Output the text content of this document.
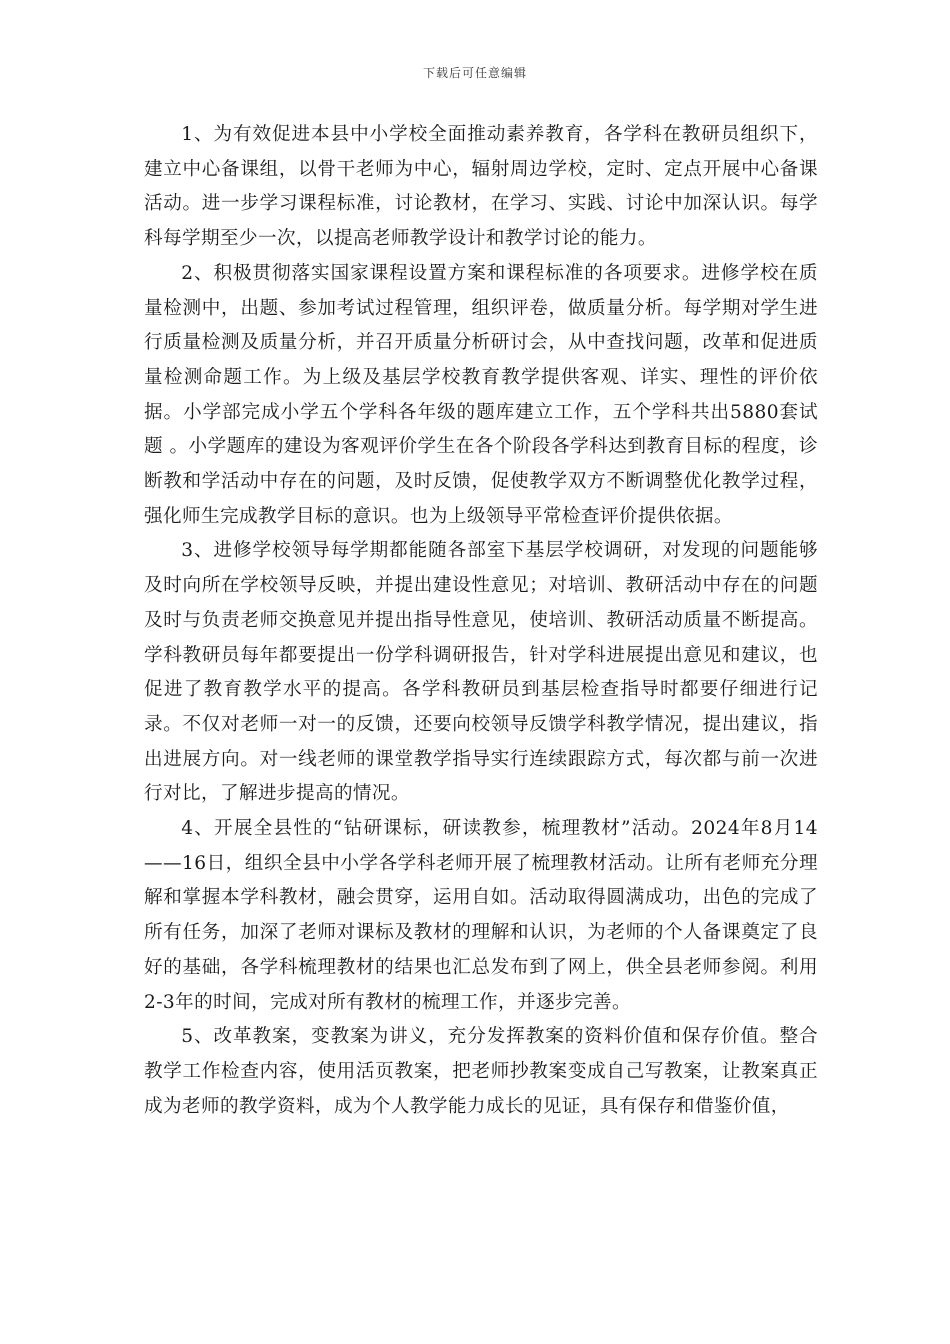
下载后可任意编辑

1、为有效促进本县中小学校全面推动素养教育，各学科在教研员组织下，建立中心备课组，以骨干老师为中心，辐射周边学校，定时、定点开展中心备课活动。进一步学习课程标准，讨论教材，在学习、实践、讨论中加深认识。每学科每学期至少一次，以提高老师教学设计和教学讨论的能力。

2、积极贯彻落实国家课程设置方案和课程标准的各项要求。进修学校在质量检测中，出题、参加考试过程管理，组织评卷，做质量分析。每学期对学生进行质量检测及质量分析，并召开质量分析研讨会，从中查找问题，改革和促进质量检测命题工作。为上级及基层学校教育教学提供客观、详实、理性的评价依据。小学部完成小学五个学科各年级的题库建立工作，五个学科共出5880套试题 。小学题库的建设为客观评价学生在各个阶段各学科达到教育目标的程度，诊断教和学活动中存在的问题，及时反馈，促使教学双方不断调整优化教学过程，强化师生完成教学目标的意识。也为上级领导平常检查评价提供依据。

3、进修学校领导每学期都能随各部室下基层学校调研，对发现的问题能够及时向所在学校领导反映，并提出建设性意见；对培训、教研活动中存在的问题及时与负责老师交换意见并提出指导性意见，使培训、教研活动质量不断提高。学科教研员每年都要提出一份学科调研报告，针对学科进展提出意见和建议，也促进了教育教学水平的提高。各学科教研员到基层检查指导时都要仔细进行记录。不仅对老师一对一的反馈，还要向校领导反馈学科教学情况，提出建议，指出进展方向。对一线老师的课堂教学指导实行连续跟踪方式，每次都与前一次进行对比，了解进步提高的情况。

4、开展全县性的“钻研课标，研读教参，梳理教材”活动。2024年8月14——16日，组织全县中小学各学科老师开展了梳理教材活动。让所有老师充分理解和掌握本学科教材，融会贯穿，运用自如。活动取得圆满成功，出色的完成了所有任务，加深了老师对课标及教材的理解和认识，为老师的个人备课奠定了良好的基础，各学科梳理教材的结果也汇总发布到了网上，供全县老师参阅。利用2-3年的时间，完成对所有教材的梳理工作，并逐步完善。

5、改革教案，变教案为讲义，充分发挥教案的资料价值和保存价值。整合教学工作检查内容，使用活页教案，把老师抄教案变成自己写教案，让教案真正成为老师的教学资料，成为个人教学能力成长的见证，具有保存和借鉴价值，
